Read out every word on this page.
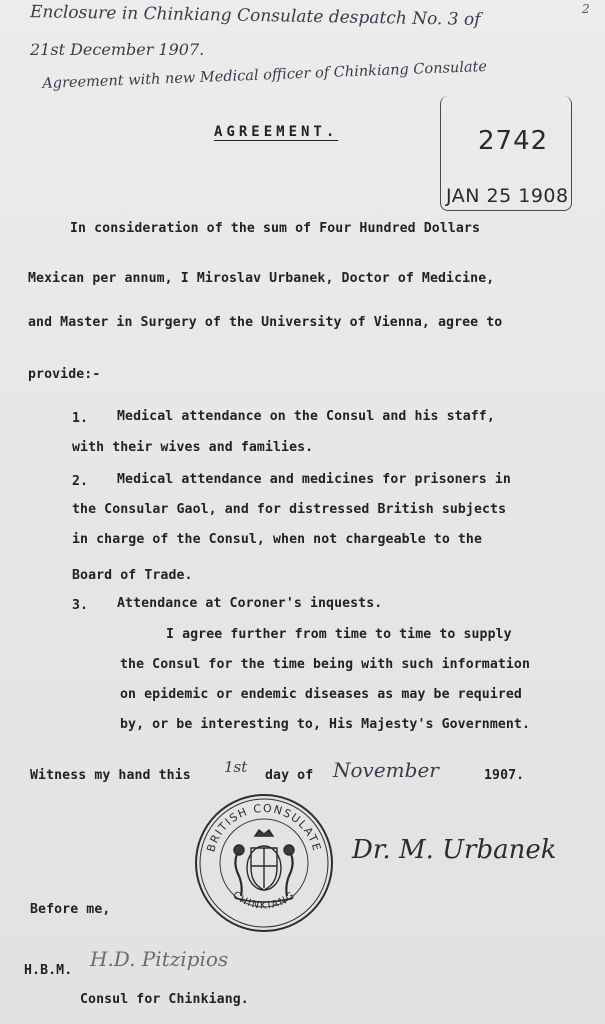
2
Enclosure in Chinkiang Consulate despatch No. 3 of
21st December 1907.
Agreement with new Medical officer of Chinkiang Consulate
AGREEMENT.	2742
JAN 25 1908
In consideration of the sum of Four Hundred Dollars
Mexican per annum, I Miroslav Urbanek, Doctor of Medicine,
and Master in Surgery of the University of Vienna, agree to
provide:-
1. Medical attendance on the Consul and his staff,
with their wives and families.
2. Medical attendance and medicines for prisoners in
the Consular Gaol, and for distressed British subjects
in charge of the Consul, when not chargeable to the
Board of Trade.
3. Attendance at Coroner's inquests.
I agree further from time to time to supply
the Consul for the time being with such information
on epidemic or endemic diseases as may be required
by, or be interesting to, His Majesty's Government.
Witness my hand this 1st day of November	1907.
BRITISH CONSULATE
CHINKIANG
Dr. M. Urbanek
Before me,
H.D. Pitzipios
H.B.M.
Consul for Chinkiang.
